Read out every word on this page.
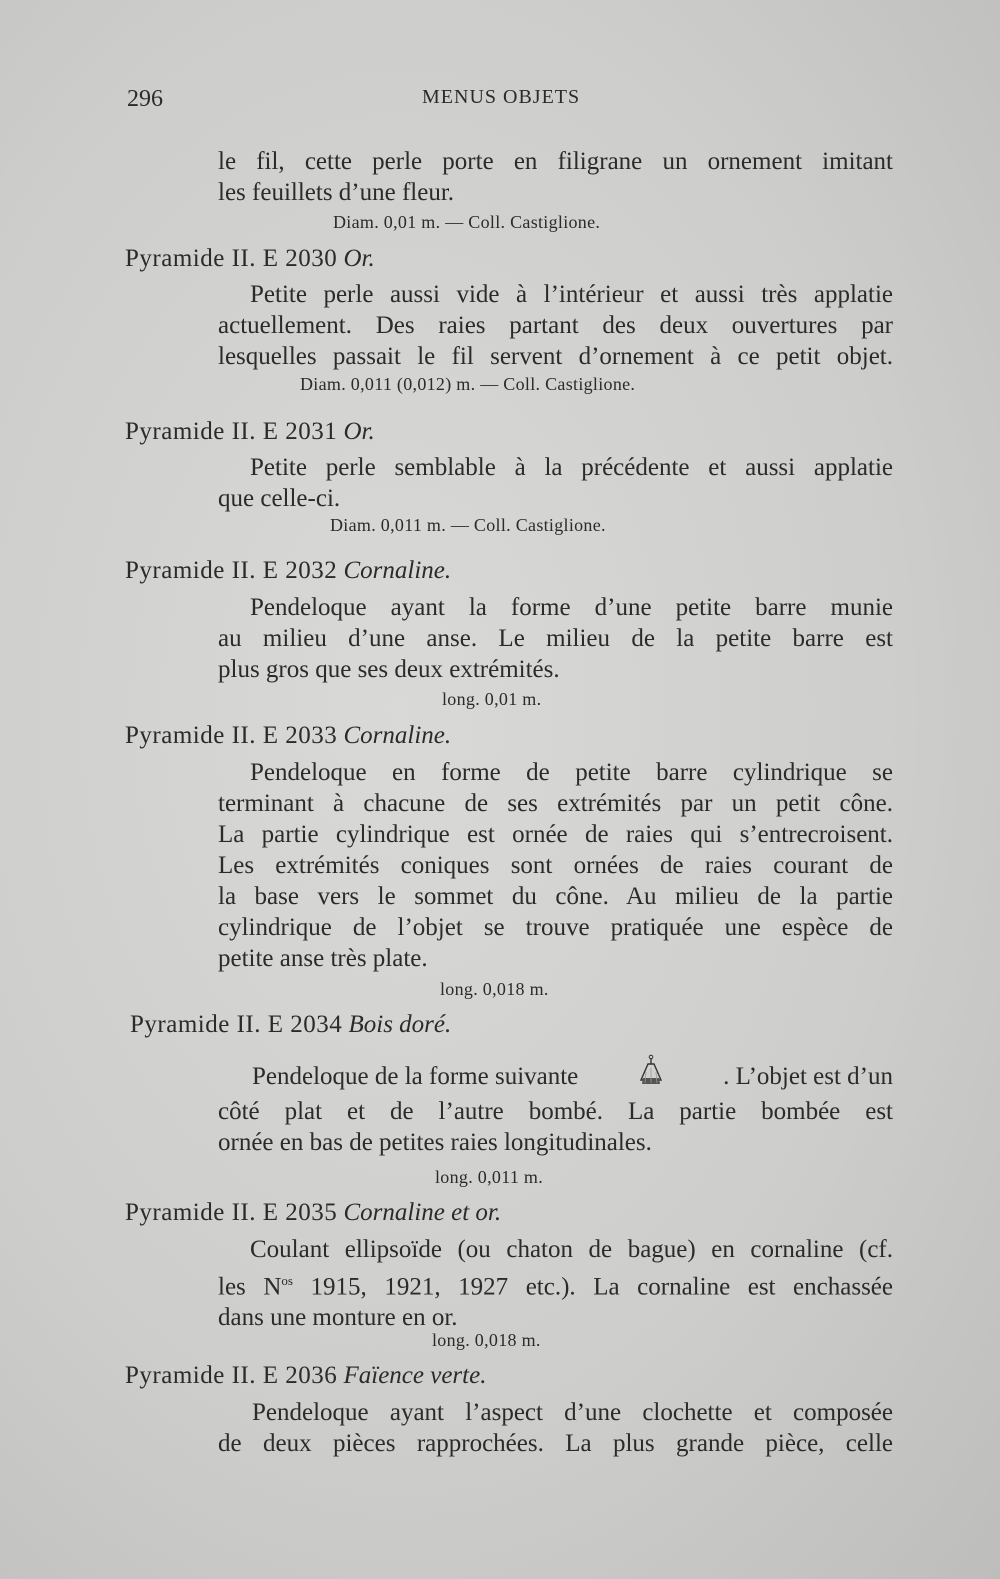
296	MENUS OBJETS
le fil, cette perle porte en filigrane un ornement imitant
les feuillets d’une fleur.
Diam. 0,01 m. — Coll. Castiglione.
Pyramide II. E 2030 Or.
Petite perle aussi vide à l’intérieur et aussi très applatie
actuellement. Des raies partant des deux ouvertures par
lesquelles passait le fil servent d’ornement à ce petit objet.
Diam. 0,011 (0,012) m. — Coll. Castiglione.
Pyramide II. E 2031 Or.
Petite perle semblable à la précédente et aussi applatie
que celle-ci.
Diam. 0,011 m. — Coll. Castiglione.
Pyramide II. E 2032 Cornaline.
Pendeloque ayant la forme d’une petite barre munie
au milieu d’une anse. Le milieu de la petite barre est
plus gros que ses deux extrémités.
long. 0,01 m.
Pyramide II. E 2033 Cornaline.
Pendeloque en forme de petite barre cylindrique se
terminant à chacune de ses extrémités par un petit cône.
La partie cylindrique est ornée de raies qui s’entrecroisent.
Les extrémités coniques sont ornées de raies courant de
la base vers le sommet du cône. Au milieu de la partie
cylindrique de l’objet se trouve pratiquée une espèce de
petite anse très plate.
long. 0,018 m.
Pyramide II. E 2034 Bois doré.
Pendeloque de la forme suivante	. L’objet est d’un
côté plat et de l’autre bombé. La partie bombée est
ornée en bas de petites raies longitudinales.
long. 0,011 m.
Pyramide II. E 2035 Cornaline et or.
Coulant ellipsoïde (ou chaton de bague) en cornaline (cf.
les $N^{os}$ 1915, 1921, 1927 etc.). La cornaline est enchassée
dans une monture en or.
long. 0,018 m.
Pyramide II. E 2036 Faïence verte.
Pendeloque ayant l’aspect d’une clochette et composée
de deux pièces rapprochées. La plus grande pièce, celle
